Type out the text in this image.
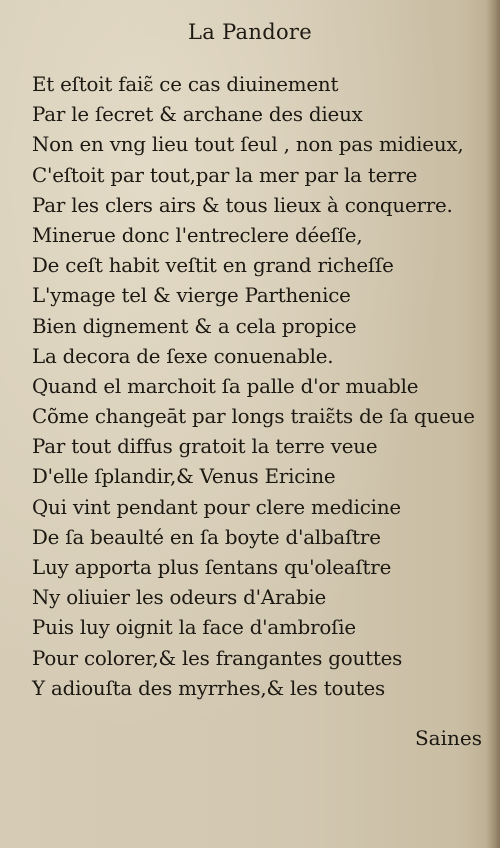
La Pandore
Et eſtoit faiɛ̃ ce cas diuinement
Par le ſecret & archane des dieux
Non en vng lieu tout ſeul , non pas midieux,
C'eſtoit par tout,par la mer par la terre
Par les clers airs & tous lieux à conquerre.
Minerue donc l'entreclere déeſſe,
De ceſt habit veſtit en grand richeſſe
L'ymage tel & vierge Parthenice
Bien dignement & a cela propice
La decora de ſexe conuenable.
Quand el marchoit ſa palle d'or muable
Cõme changeāt par longs traiɛ̃ts de ſa queue
Par tout diffus gratoit la terre veue
D'elle ſplandir,& Venus Ericine
Qui vint pendant pour clere medicine
De ſa beaulté en ſa boyte d'albaſtre
Luy apporta plus ſentans qu'oleaſtre
Ny oliuier les odeurs d'Arabie
Puis luy oignit la face d'ambroſie
Pour colorer,& les frangantes gouttes
Y adiouſta des myrrhes,& les toutes
Saines
